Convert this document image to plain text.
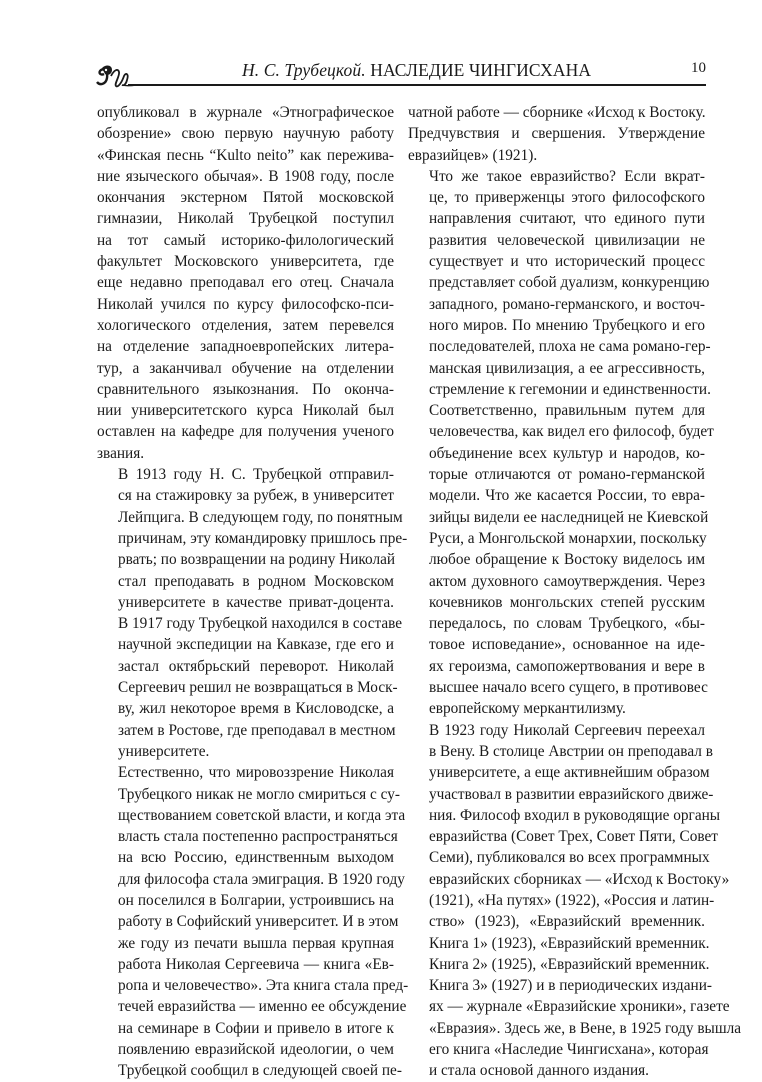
Н. С. Трубецкой. НАСЛЕДИЕ ЧИНГИСХАНА	10

опубликовал в журнале «Этнографическое
обозрение» свою первую научную работу
«Финская песнь “Kulto neito” как пережива-
ние языческого обычая». В 1908 году, после
окончания экстерном Пятой московской
гимназии, Николай Трубецкой поступил
на тот самый историко-филологический
факультет Московского университета, где
еще недавно преподавал его отец. Сначала
Николай учился по курсу философско-пси-
хологического отделения, затем перевелся
на отделение западноевропейских литера-
тур, а заканчивал обучение на отделении
сравнительного языкознания. По оконча-
нии университетского курса Николай был
оставлен на кафедре для получения ученого
звания.

В 1913 году Н. С. Трубецкой отправил-
ся на стажировку за рубеж, в университет
Лейпцига. В следующем году, по понятным
причинам, эту командировку пришлось пре-
рвать; по возвращении на родину Николай
стал преподавать в родном Московском
университете в качестве приват-доцента.
В 1917 году Трубецкой находился в составе
научной экспедиции на Кавказе, где его и
застал октябрьский переворот. Николай
Сергеевич решил не возвращаться в Моск-
ву, жил некоторое время в Кисловодске, а
затем в Ростове, где преподавал в местном
университете.

Естественно, что мировоззрение Николая
Трубецкого никак не могло смириться с су-
ществованием советской власти, и когда эта
власть стала постепенно распространяться
на всю Россию, единственным выходом
для философа стала эмиграция. В 1920 году
он поселился в Болгарии, устроившись на
работу в Софийский университет. И в этом
же году из печати вышла первая крупная
работа Николая Сергеевича — книга «Ев-
ропа и человечество». Эта книга стала пред-
течей евразийства — именно ее обсуждение
на семинаре в Софии и привело в итоге к
появлению евразийской идеологии, о чем
Трубецкой сообщил в следующей своей пе-

чатной работе — сборнике «Исход к Востоку.
Предчувствия и свершения. Утверждение
евразийцев» (1921).

Что же такое евразийство? Если вкрат-
це, то приверженцы этого философского
направления считают, что единого пути
развития человеческой цивилизации не
существует и что исторический процесс
представляет собой дуализм, конкуренцию
западного, романо-германского, и восточ-
ного миров. По мнению Трубецкого и его
последователей, плоха не сама романо-гер-
манская цивилизация, а ее агрессивность,
стремление к гегемонии и единственности.
Соответственно, правильным путем для
человечества, как видел его философ, будет
объединение всех культур и народов, ко-
торые отличаются от романо-германской
модели. Что же касается России, то евра-
зийцы видели ее наследницей не Киевской
Руси, а Монгольской монархии, поскольку
любое обращение к Востоку виделось им
актом духовного самоутверждения. Через
кочевников монгольских степей русским
передалось, по словам Трубецкого, «бы-
товое исповедание», основанное на иде-
ях героизма, самопожертвования и вере в
высшее начало всего сущего, в противовес
европейскому меркантилизму.

В 1923 году Николай Сергеевич переехал
в Вену. В столице Австрии он преподавал в
университете, а еще активнейшим образом
участвовал в развитии евразийского движе-
ния. Философ входил в руководящие органы
евразийства (Совет Трех, Совет Пяти, Совет
Семи), публиковался во всех программных
евразийских сборниках — «Исход к Востоку»
(1921), «На путях» (1922), «Россия и латин-
ство» (1923), «Евразийский временник.
Книга 1» (1923), «Евразийский временник.
Книга 2» (1925), «Евразийский временник.
Книга 3» (1927) и в периодических издани-
ях — журнале «Евразийские хроники», газете
«Евразия». Здесь же, в Вене, в 1925 году вышла
его книга «Наследие Чингисхана», которая
и стала основой данного издания.
